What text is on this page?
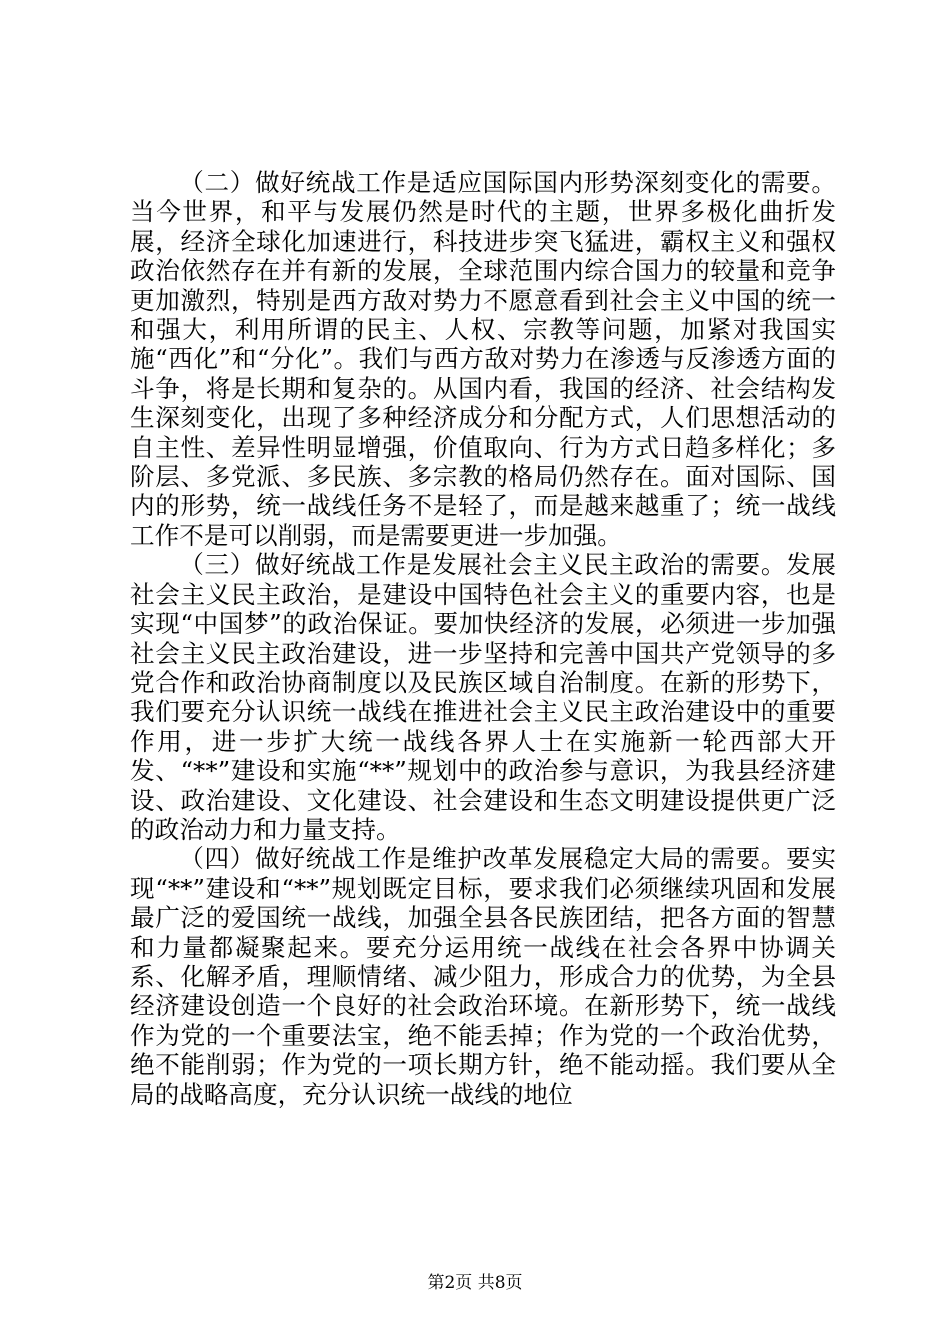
（二）做好统战工作是适应国际国内形势深刻变化的需要。当今世界，和平与发展仍然是时代的主题，世界多极化曲折发展，经济全球化加速进行，科技进步突飞猛进，霸权主义和强权政治依然存在并有新的发展，全球范围内综合国力的较量和竞争更加激烈，特别是西方敌对势力不愿意看到社会主义中国的统一和强大，利用所谓的民主、人权、宗教等问题，加紧对我国实施“西化”和“分化”。我们与西方敌对势力在渗透与反渗透方面的斗争，将是长期和复杂的。从国内看，我国的经济、社会结构发生深刻变化，出现了多种经济成分和分配方式，人们思想活动的自主性、差异性明显增强，价值取向、行为方式日趋多样化；多阶层、多党派、多民族、多宗教的格局仍然存在。面对国际、国内的形势，统一战线任务不是轻了，而是越来越重了；统一战线工作不是可以削弱，而是需要更进一步加强。

（三）做好统战工作是发展社会主义民主政治的需要。发展社会主义民主政治，是建设中国特色社会主义的重要内容，也是实现“中国梦”的政治保证。要加快经济的发展，必须进一步加强社会主义民主政治建设，进一步坚持和完善中国共产党领导的多党合作和政治协商制度以及民族区域自治制度。在新的形势下，我们要充分认识统一战线在推进社会主义民主政治建设中的重要作用，进一步扩大统一战线各界人士在实施新一轮西部大开发、“**”建设和实施“**”规划中的政治参与意识，为我县经济建设、政治建设、文化建设、社会建设和生态文明建设提供更广泛的政治动力和力量支持。

（四）做好统战工作是维护改革发展稳定大局的需要。要实现“**”建设和“**”规划既定目标，要求我们必须继续巩固和发展最广泛的爱国统一战线，加强全县各民族团结，把各方面的智慧和力量都凝聚起来。要充分运用统一战线在社会各界中协调关系、化解矛盾，理顺情绪、减少阻力，形成合力的优势，为全县经济建设创造一个良好的社会政治环境。在新形势下，统一战线作为党的一个重要法宝，绝不能丢掉；作为党的一个政治优势，绝不能削弱；作为党的一项长期方针，绝不能动摇。我们要从全局的战略高度，充分认识统一战线的地位

第2页 共8页
